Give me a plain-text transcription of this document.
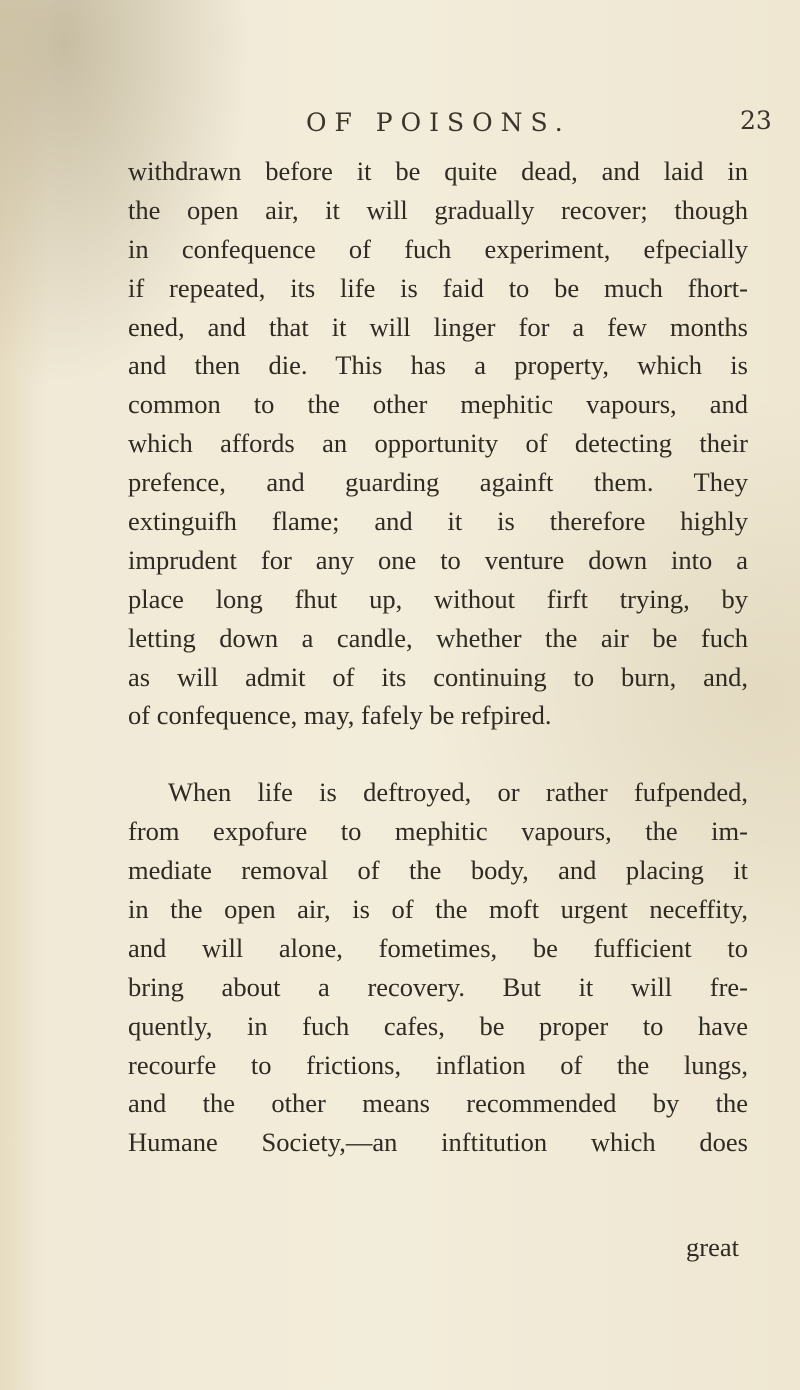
OF POISONS.	23
withdrawn before it be quite dead, and laid in
the open air, it will gradually recover; though
in confequence of fuch experiment, efpecially
if repeated, its life is faid to be much fhort-
ened, and that it will linger for a few months
and then die. This has a property, which is
common to the other mephitic vapours, and
which affords an opportunity of detecting their
prefence, and guarding againft them. They
extinguifh flame; and it is therefore highly
imprudent for any one to venture down into a
place long fhut up, without firft trying, by
letting down a candle, whether the air be fuch
as will admit of its continuing to burn, and,
of confequence, may, fafely be refpired.
When life is deftroyed, or rather fufpended,
from expofure to mephitic vapours, the im-
mediate removal of the body, and placing it
in the open air, is of the moft urgent neceffity,
and will alone, fometimes, be fufficient to
bring about a recovery. But it will fre-
quently, in fuch cafes, be proper to have
recourfe to frictions, inflation of the lungs,
and the other means recommended by the
Humane Society,—an inftitution which does
great
